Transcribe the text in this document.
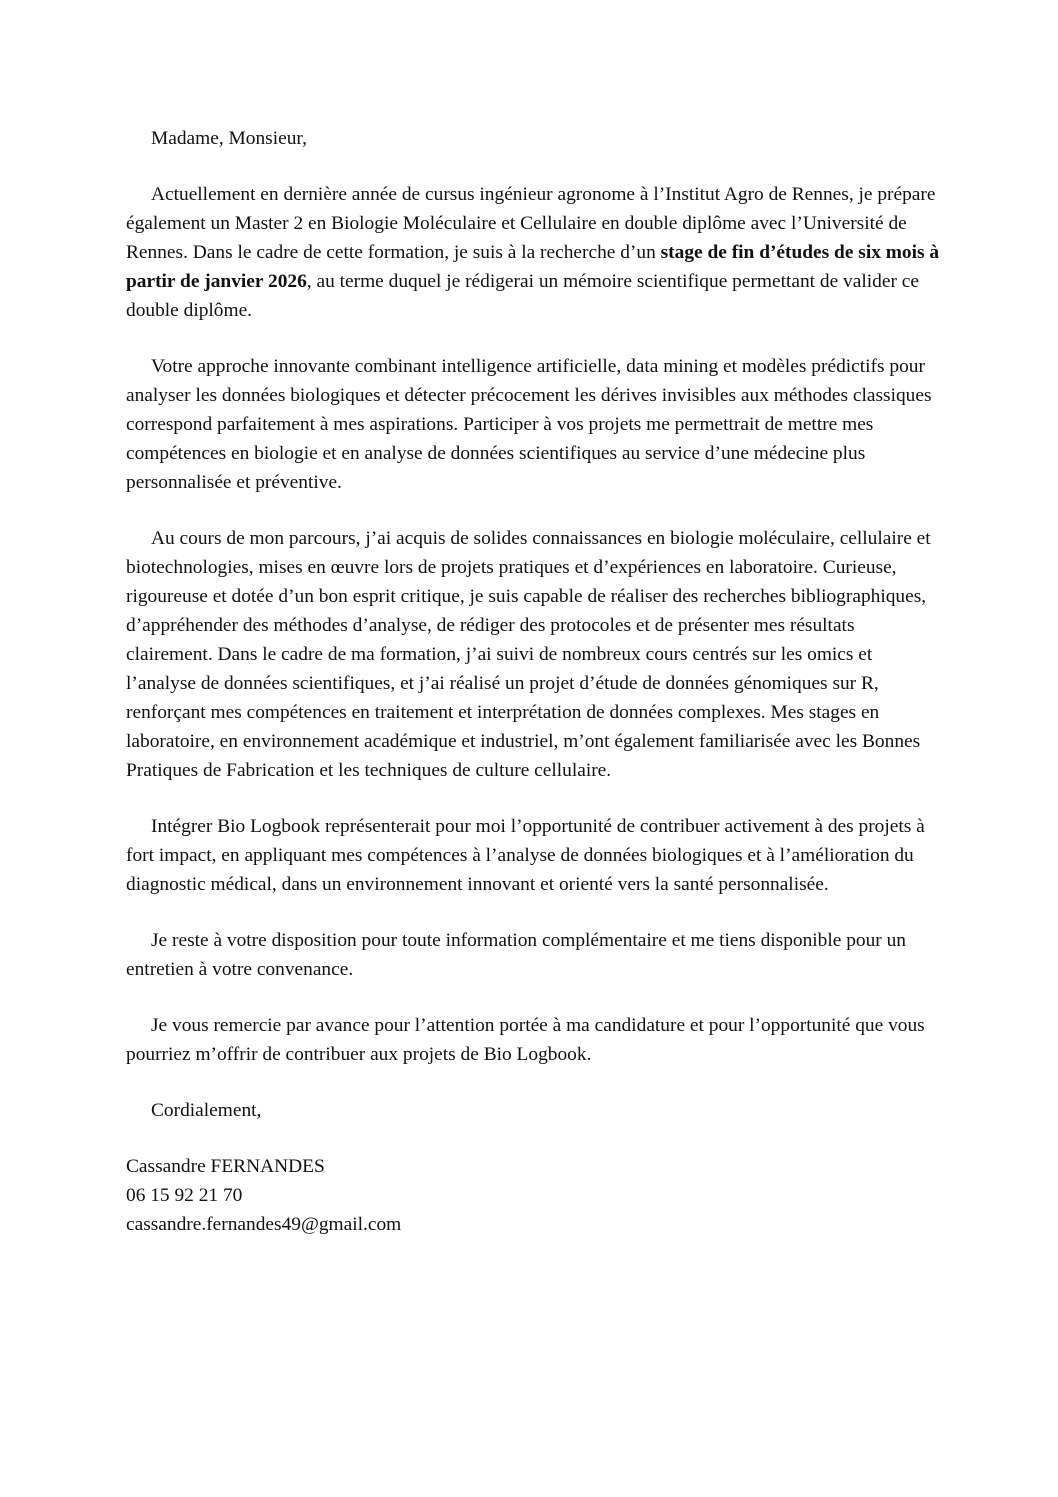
Madame, Monsieur,

Actuellement en dernière année de cursus ingénieur agronome à l’Institut Agro de Rennes, je prépare également un Master 2 en Biologie Moléculaire et Cellulaire en double diplôme avec l’Université de Rennes. Dans le cadre de cette formation, je suis à la recherche d’un stage de fin d’études de six mois à partir de janvier 2026, au terme duquel je rédigerai un mémoire scientifique permettant de valider ce double diplôme.

Votre approche innovante combinant intelligence artificielle, data mining et modèles prédictifs pour analyser les données biologiques et détecter précocement les dérives invisibles aux méthodes classiques correspond parfaitement à mes aspirations. Participer à vos projets me permettrait de mettre mes compétences en biologie et en analyse de données scientifiques au service d’une médecine plus personnalisée et préventive.

Au cours de mon parcours, j’ai acquis de solides connaissances en biologie moléculaire, cellulaire et biotechnologies, mises en œuvre lors de projets pratiques et d’expériences en laboratoire. Curieuse, rigoureuse et dotée d’un bon esprit critique, je suis capable de réaliser des recherches bibliographiques, d’appréhender des méthodes d’analyse, de rédiger des protocoles et de présenter mes résultats clairement. Dans le cadre de ma formation, j’ai suivi de nombreux cours centrés sur les omics et l’analyse de données scientifiques, et j’ai réalisé un projet d’étude de données génomiques sur R, renforçant mes compétences en traitement et interprétation de données complexes. Mes stages en laboratoire, en environnement académique et industriel, m’ont également familiarisée avec les Bonnes Pratiques de Fabrication et les techniques de culture cellulaire.

Intégrer Bio Logbook représenterait pour moi l’opportunité de contribuer activement à des projets à fort impact, en appliquant mes compétences à l’analyse de données biologiques et à l’amélioration du diagnostic médical, dans un environnement innovant et orienté vers la santé personnalisée.

Je reste à votre disposition pour toute information complémentaire et me tiens disponible pour un entretien à votre convenance.

Je vous remercie par avance pour l’attention portée à ma candidature et pour l’opportunité que vous pourriez m’offrir de contribuer aux projets de Bio Logbook.

Cordialement,

Cassandre FERNANDES
06 15 92 21 70
cassandre.fernandes49@gmail.com
